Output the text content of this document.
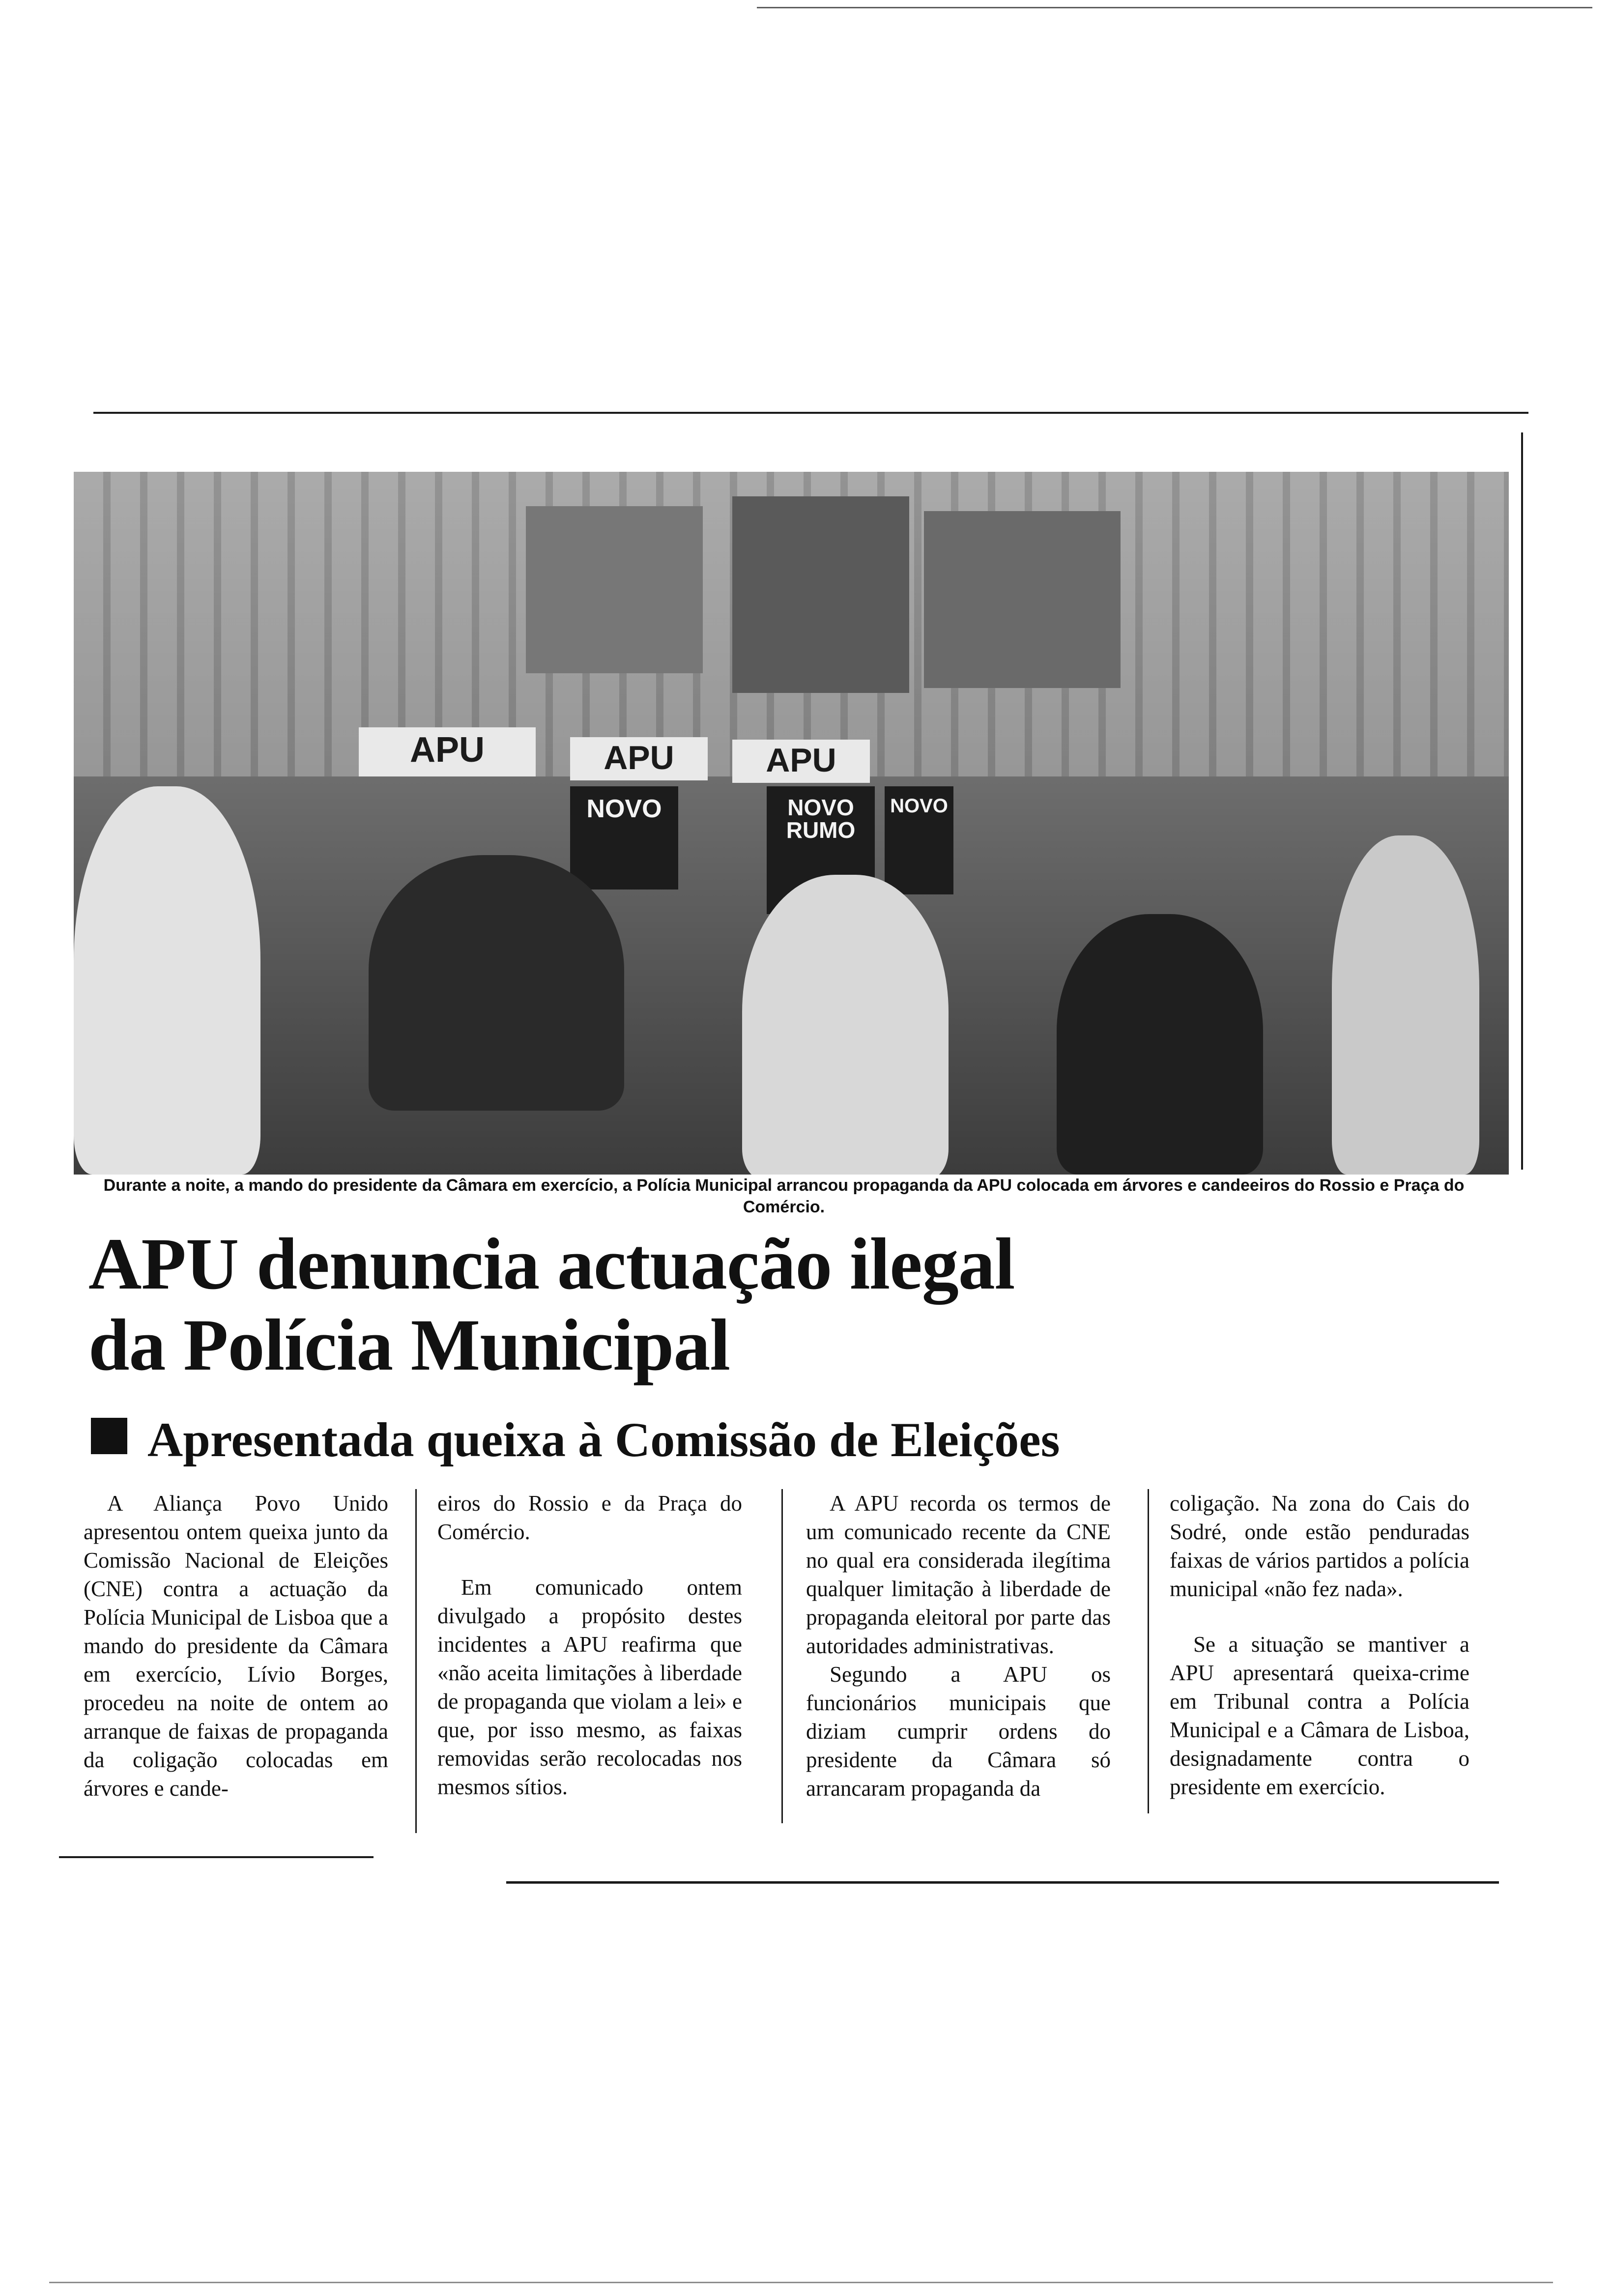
APU	APU	APU
NOVO	NOVO RUMO
NOVO
Durante a noite, a mando do presidente da Câmara em exercício, a Polícia Municipal arrancou propaganda da APU colocada em árvores e candeeiros do Rossio e Praça do Comércio.
APU denuncia actuação ilegal
da Polícia Municipal
Apresentada queixa à Comissão de Eleições

A Aliança Povo Unido apresentou ontem queixa junto da Comissão Nacional de Eleições (CNE) contra a actuação da Polícia Municipal de Lisboa que a mando do presidente da Câmara em exercício, Lívio Borges, procedeu na noite de ontem ao arranque de faixas de propaganda da coligação colocadas em árvores e cande-

eiros do Rossio e da Praça do Comércio.

Em comunicado ontem divulgado a propósito destes incidentes a APU reafirma que «não aceita limitações à liberdade de propaganda que violam a lei» e que, por isso mesmo, as faixas removidas serão recolocadas nos mesmos sítios.

A APU recorda os termos de um comunicado recente da CNE no qual era considerada ilegítima qualquer limitação à liberdade de propaganda eleitoral por parte das autoridades administrativas.

Segundo a APU os funcionários municipais que diziam cumprir ordens do presidente da Câmara só arrancaram propaganda da

coligação. Na zona do Cais do Sodré, onde estão penduradas faixas de vários partidos a polícia municipal «não fez nada».

Se a situação se mantiver a APU apresentará queixa-crime em Tribunal contra a Polícia Municipal e a Câmara de Lisboa, designadamente contra o presidente em exercício.
